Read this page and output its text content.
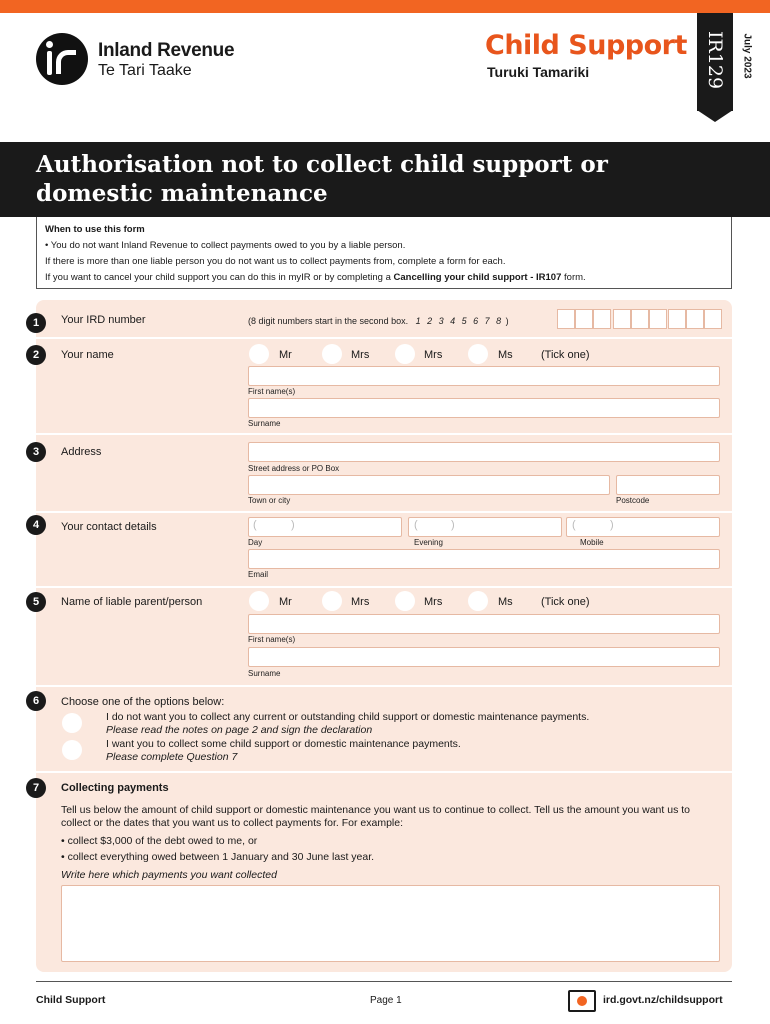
Inland Revenue
Te Tari Taake
Child Support
Turuki Tamariki	IR129 July 2023
Authorisation not to collect child support or domestic maintenance
When to use this form
• You do not want Inland Revenue to collect payments owed to you by a liable person.
If there is more than one liable person you do not want us to collect payments from, complete a form for each.
If you want to cancel your child support you can do this in myIR or by completing a Cancelling your child support - IR107 form.
1	Your IRD number	(8 digit numbers start in the second box. 1 2 3 4 5 6 7 8 )
2	Your name	Mr	Mrs	Mrs	Ms	(Tick one)
First name(s)
Surname
3	Address
Street address or PO Box
Town or city	Postcode
4	Your contact details	(	)
Day
(	)
Evening
(	)
Mobile
Email
5	Name of liable parent/person	Mr	Mrs	Mrs	Ms	(Tick one)
First name(s)
Surname
6	Choose one of the options below:
I do not want you to collect any current or outstanding child support or domestic maintenance payments.
Please read the notes on page 2 and sign the declaration
I want you to collect some child support or domestic maintenance payments.
Please complete Question 7
7	Collecting payments
Tell us below the amount of child support or domestic maintenance you want us to continue to collect. Tell us the amount you want us to collect or the dates that you want us to collect payments for. For example:
• collect $3,000 of the debt owed to me, or
• collect everything owed between 1 January and 30 June last year.
Write here which payments you want collected
Child Support	Page 1	ird.govt.nz/childsupport
